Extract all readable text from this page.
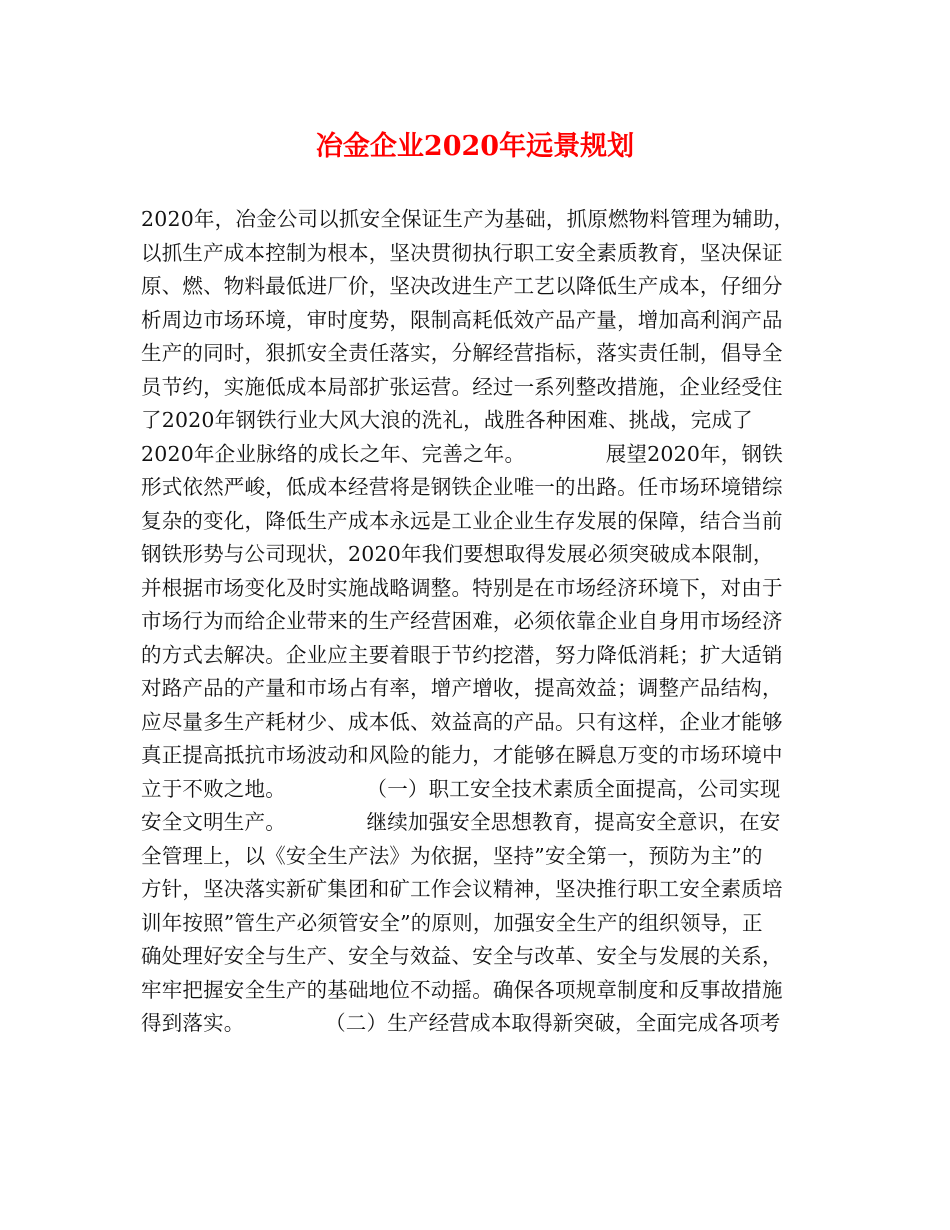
冶金企业2020年远景规划
2020年，冶金公司以抓安全保证生产为基础，抓原燃物料管理为辅助，
以抓生产成本控制为根本，坚决贯彻执行职工安全素质教育，坚决保证
原、燃、物料最低进厂价，坚决改进生产工艺以降低生产成本，仔细分
析周边市场环境，审时度势，限制高耗低效产品产量，增加高利润产品
生产的同时，狠抓安全责任落实，分解经营指标，落实责任制，倡导全
员节约，实施低成本局部扩张运营。经过一系列整改措施，企业经受住
了2020年钢铁行业大风大浪的洗礼，战胜各种困难、挑战，完成了
2020年企业脉络的成长之年、完善之年。            展望2020年，钢铁
形式依然严峻，低成本经营将是钢铁企业唯一的出路。任市场环境错综
复杂的变化，降低生产成本永远是工业企业生存发展的保障，结合当前
钢铁形势与公司现状，2020年我们要想取得发展必须突破成本限制，
并根据市场变化及时实施战略调整。特别是在市场经济环境下，对由于
市场行为而给企业带来的生产经营困难，必须依靠企业自身用市场经济
的方式去解决。企业应主要着眼于节约挖潜，努力降低消耗；扩大适销
对路产品的产量和市场占有率，增产增收，提高效益；调整产品结构，
应尽量多生产耗材少、成本低、效益高的产品。只有这样，企业才能够
真正提高抵抗市场波动和风险的能力，才能够在瞬息万变的市场环境中
立于不败之地。            （一）职工安全技术素质全面提高，公司实现
安全文明生产。            继续加强安全思想教育，提高安全意识，在安
全管理上，以《安全生产法》为依据，坚持”安全第一，预防为主”的
方针，坚决落实新矿集团和矿工作会议精神，坚决推行职工安全素质培
训年按照”管生产必须管安全”的原则，加强安全生产的组织领导，正
确处理好安全与生产、安全与效益、安全与改革、安全与发展的关系，
牢牢把握安全生产的基础地位不动摇。确保各项规章制度和反事故措施
得到落实。            （二）生产经营成本取得新突破，全面完成各项考
